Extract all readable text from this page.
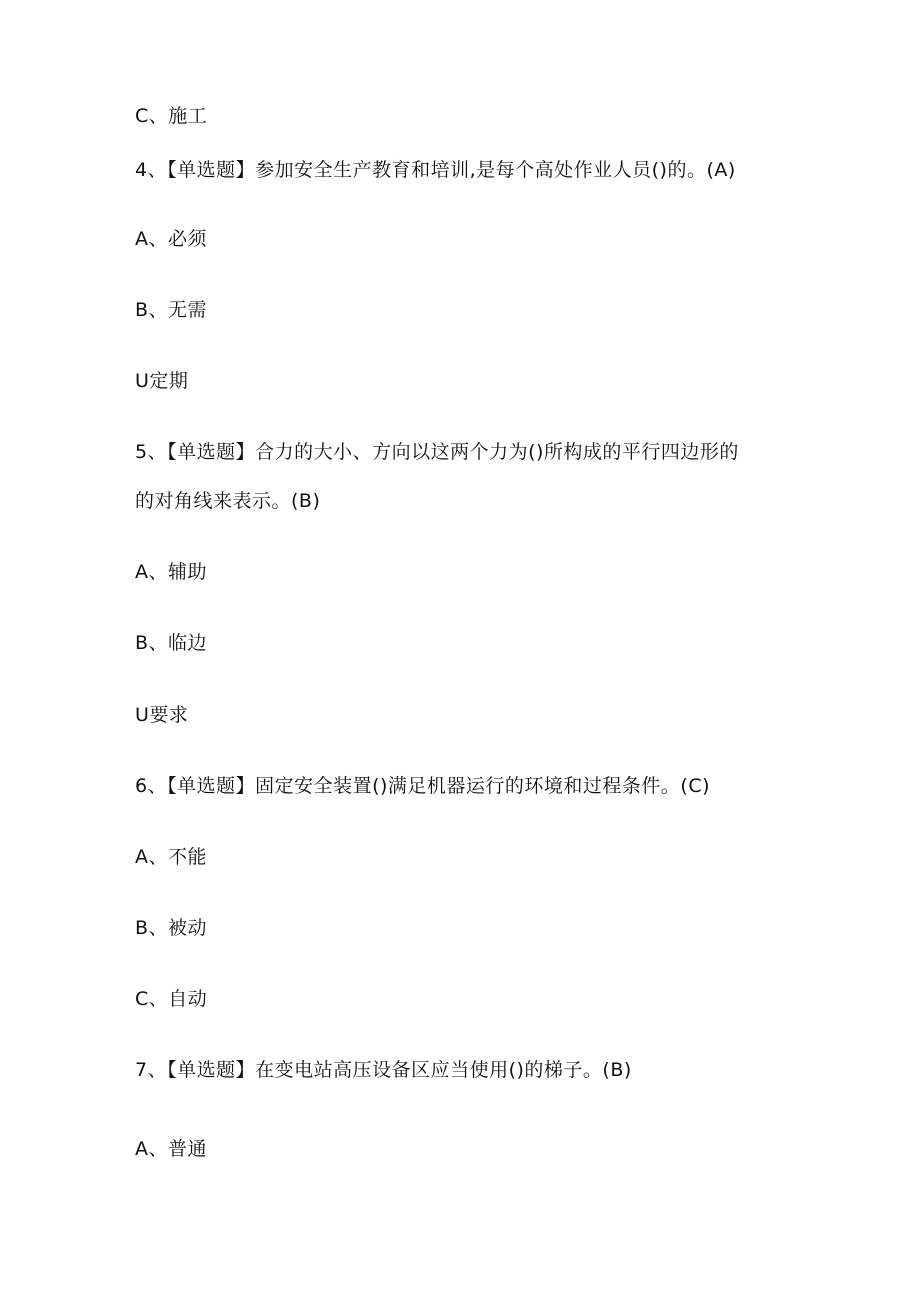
C、施工
4、【单选题】参加安全生产教育和培训,是每个高处作业人员()的。(A)
A、必须
B、无需
U定期
5、【单选题】合力的大小、方向以这两个力为()所构成的平行四边形的
的对角线来表示。(B)
A、辅助
B、临边
U要求
6、【单选题】固定安全装置()满足机器运行的环境和过程条件。(C)
A、不能
B、被动
C、自动
7、【单选题】在变电站高压设备区应当使用()的梯子。(B)
A、普通
